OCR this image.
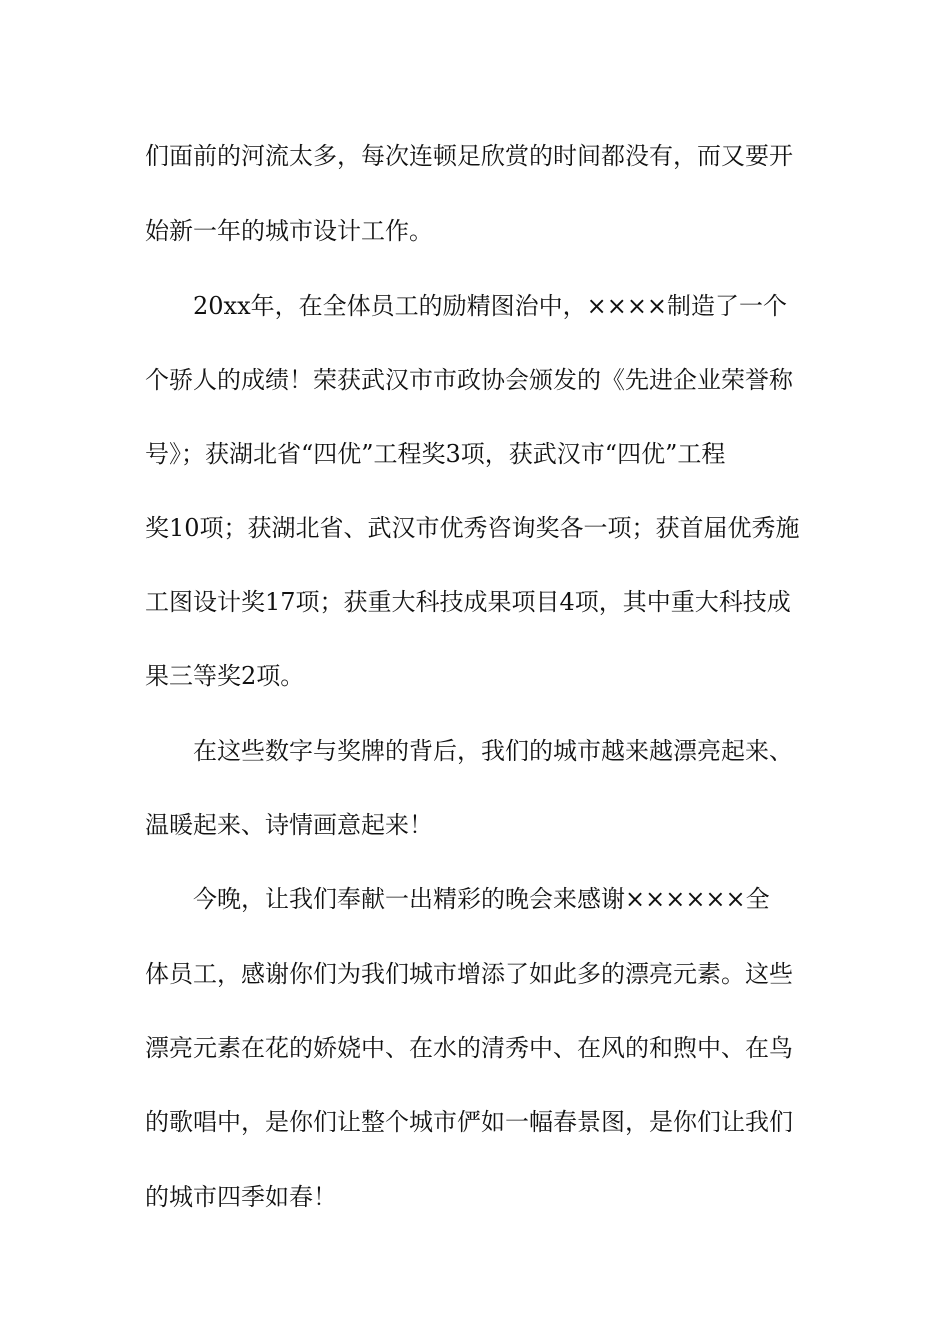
们面前的河流太多，每次连顿足欣赏的时间都没有，而又要开
始新一年的城市设计工作。
20xx年，在全体员工的励精图治中，××××制造了一个
个骄人的成绩！荣获武汉市市政协会颁发的《先进企业荣誉称
号》；获湖北省“四优”工程奖3项，获武汉市“四优”工程
奖10项；获湖北省、武汉市优秀咨询奖各一项；获首届优秀施
工图设计奖17项；获重大科技成果项目4项，其中重大科技成
果三等奖2项。
在这些数字与奖牌的背后，我们的城市越来越漂亮起来、
温暖起来、诗情画意起来！
今晚，让我们奉献一出精彩的晚会来感谢××××××全
体员工，感谢你们为我们城市增添了如此多的漂亮元素。这些
漂亮元素在花的娇娆中、在水的清秀中、在风的和煦中、在鸟
的歌唱中，是你们让整个城市俨如一幅春景图，是你们让我们
的城市四季如春！
